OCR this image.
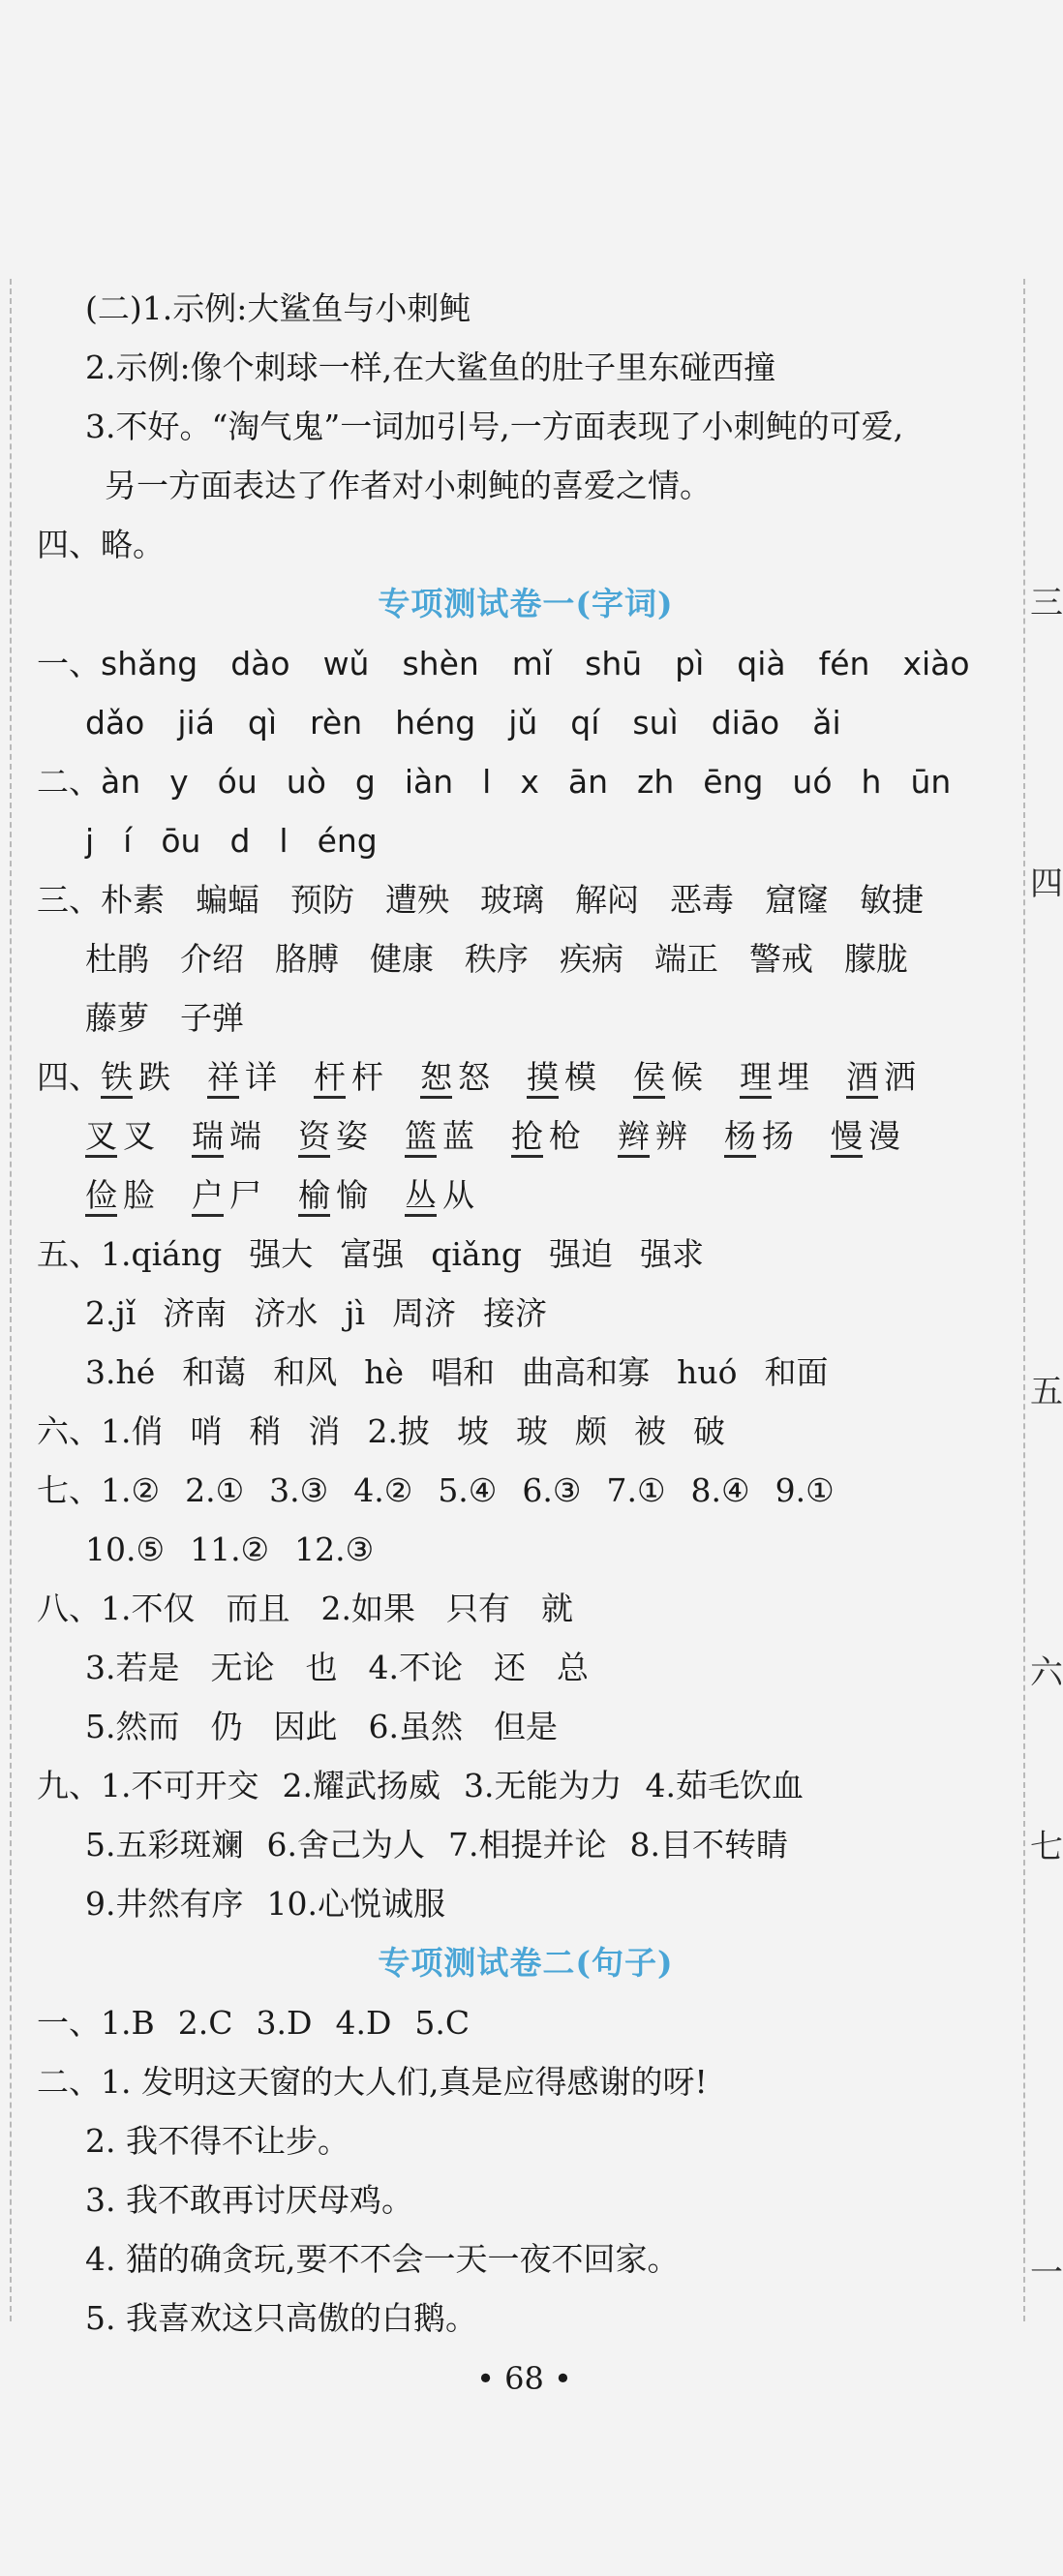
三
四
五
六
七
一
(二)1.示例:大鲨鱼与小刺鲀
2.示例:像个刺球一样,在大鲨鱼的肚子里东碰西撞
3.不好。“淘气鬼”一词加引号,一方面表现了小刺鲀的可爱,
另一方面表达了作者对小刺鲀的喜爱之情。
四、略。
专项测试卷一(字词)
一、shǎng dào wǔ shèn mǐ shū pì qià fén xiào
dǎo jiá qì rèn héng jǔ qí suì diāo ǎi
二、àn y óu uò g iàn l x ān zh ēng uó h ūn
j í ōu d l éng
三、朴素 蝙蝠 预防 遭殃 玻璃 解闷 恶毒 窟窿 敏捷
杜鹃 介绍 胳膊 健康 秩序 疾病 端正 警戒 朦胧
藤萝 子弹
四、铁 跌 祥 详 杆 杆 恕 怒 摸 模 侯 候 理 埋 酒 洒
叉 叉 瑞 端 资 姿 篮 蓝 抢 枪 辫 辨 杨 扬 慢 漫
俭 脸 户 尸 榆 愉 丛 从
五、1.qiáng 强大 富强 qiǎng 强迫 强求
2.jǐ 济南 济水 jì 周济 接济
3.hé 和蔼 和风 hè 唱和 曲高和寡 huó 和面
六、1.俏 哨 稍 消 2.披 坡 玻 颇 被 破
七、1.② 2.① 3.③ 4.② 5.④ 6.③ 7.① 8.④ 9.①
10.⑤ 11.② 12.③
八、1.不仅 而且 2.如果 只有 就
3.若是 无论 也 4.不论 还 总
5.然而 仍 因此 6.虽然 但是
九、1.不可开交 2.耀武扬威 3.无能为力 4.茹毛饮血
5.五彩斑斓 6.舍己为人 7.相提并论 8.目不转睛
9.井然有序 10.心悦诚服
专项测试卷二(句子)
一、1.B 2.C 3.D 4.D 5.C
二、1. 发明这天窗的大人们,真是应得感谢的呀!
2. 我不得不让步。
3. 我不敢再讨厌母鸡。
4. 猫的确贪玩,要不不会一天一夜不回家。
5. 我喜欢这只高傲的白鹅。
• 68 •
